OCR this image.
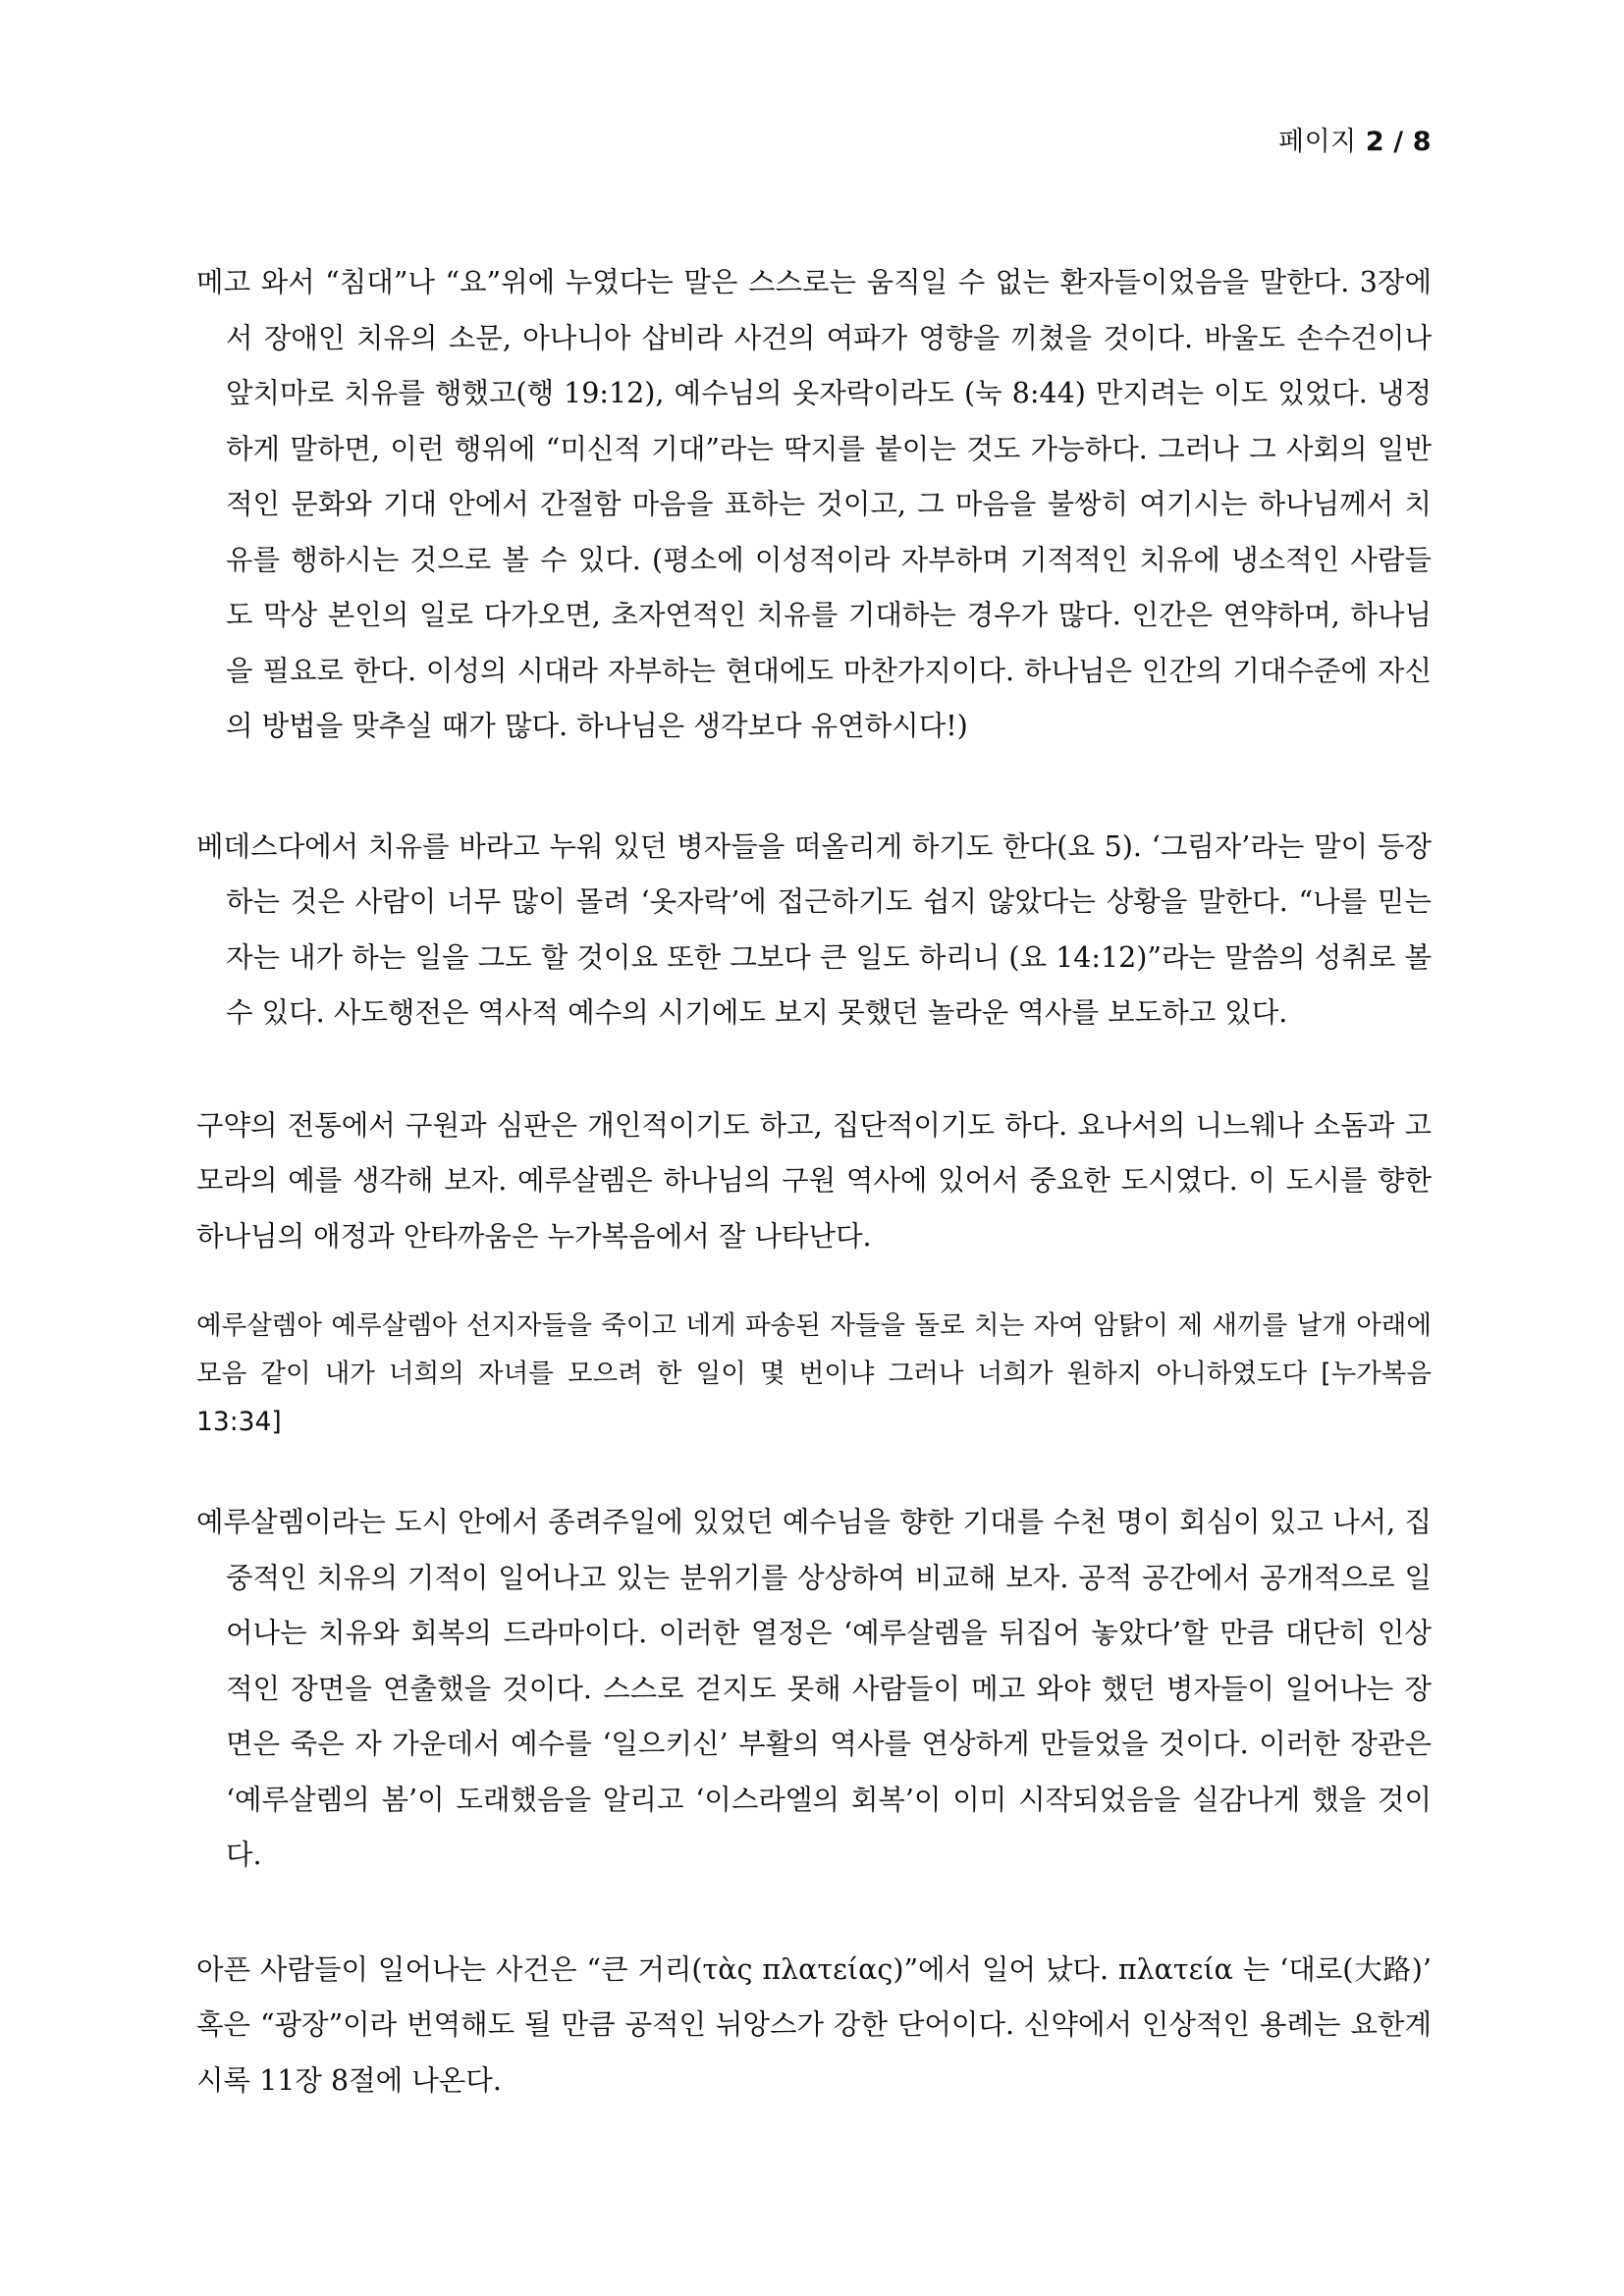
페이지 2 / 8

메고 와서 “침대”나 “요”위에 누였다는 말은 스스로는 움직일 수 없는 환자들이었음을 말한다. 3장에서 장애인 치유의 소문, 아나니아 삽비라 사건의 여파가 영향을 끼쳤을 것이다. 바울도 손수건이나 앞치마로 치유를 행했고(행 19:12), 예수님의 옷자락이라도 (눅 8:44) 만지려는 이도 있었다. 냉정하게 말하면, 이런 행위에 “미신적 기대”라는 딱지를 붙이는 것도 가능하다. 그러나 그 사회의 일반적인 문화와 기대 안에서 간절함 마음을 표하는 것이고, 그 마음을 불쌍히 여기시는 하나님께서 치유를 행하시는 것으로 볼 수 있다. (평소에 이성적이라 자부하며 기적적인 치유에 냉소적인 사람들도 막상 본인의 일로 다가오면, 초자연적인 치유를 기대하는 경우가 많다. 인간은 연약하며, 하나님을 필요로 한다. 이성의 시대라 자부하는 현대에도 마찬가지이다. 하나님은 인간의 기대수준에 자신의 방법을 맞추실 때가 많다. 하나님은 생각보다 유연하시다!)

베데스다에서 치유를 바라고 누워 있던 병자들을 떠올리게 하기도 한다(요 5). ‘그림자’라는 말이 등장하는 것은 사람이 너무 많이 몰려 ‘옷자락’에 접근하기도 쉽지 않았다는 상황을 말한다. “나를 믿는 자는 내가 하는 일을 그도 할 것이요 또한 그보다 큰 일도 하리니 (요 14:12)”라는 말씀의 성취로 볼 수 있다. 사도행전은 역사적 예수의 시기에도 보지 못했던 놀라운 역사를 보도하고 있다.

구약의 전통에서 구원과 심판은 개인적이기도 하고, 집단적이기도 하다. 요나서의 니느웨나 소돔과 고모라의 예를 생각해 보자. 예루살렘은 하나님의 구원 역사에 있어서 중요한 도시였다. 이 도시를 향한 하나님의 애정과 안타까움은 누가복음에서 잘 나타난다.

예루살렘아 예루살렘아 선지자들을 죽이고 네게 파송된 자들을 돌로 치는 자여 암탉이 제 새끼를 날개 아래에 모음 같이 내가 너희의 자녀를 모으려 한 일이 몇 번이냐 그러나 너희가 원하지 아니하였도다 [누가복음 13:34]

예루살렘이라는 도시 안에서 종려주일에 있었던 예수님을 향한 기대를 수천 명이 회심이 있고 나서, 집중적인 치유의 기적이 일어나고 있는 분위기를 상상하여 비교해 보자. 공적 공간에서 공개적으로 일어나는 치유와 회복의 드라마이다. 이러한 열정은 ‘예루살렘을 뒤집어 놓았다’할 만큼 대단히 인상적인 장면을 연출했을 것이다. 스스로 걷지도 못해 사람들이 메고 와야 했던 병자들이 일어나는 장면은 죽은 자 가운데서 예수를 ‘일으키신’ 부활의 역사를 연상하게 만들었을 것이다. 이러한 장관은 ‘예루살렘의 봄’이 도래했음을 알리고 ‘이스라엘의 회복’이 이미 시작되었음을 실감나게 했을 것이다.

아픈 사람들이 일어나는 사건은 “큰 거리(τὰς πλατείας)”에서 일어 났다. πλατεία 는 ‘대로(大路)’ 혹은 “광장”이라 번역해도 될 만큼 공적인 뉘앙스가 강한 단어이다. 신약에서 인상적인 용례는 요한계시록 11장 8절에 나온다.
